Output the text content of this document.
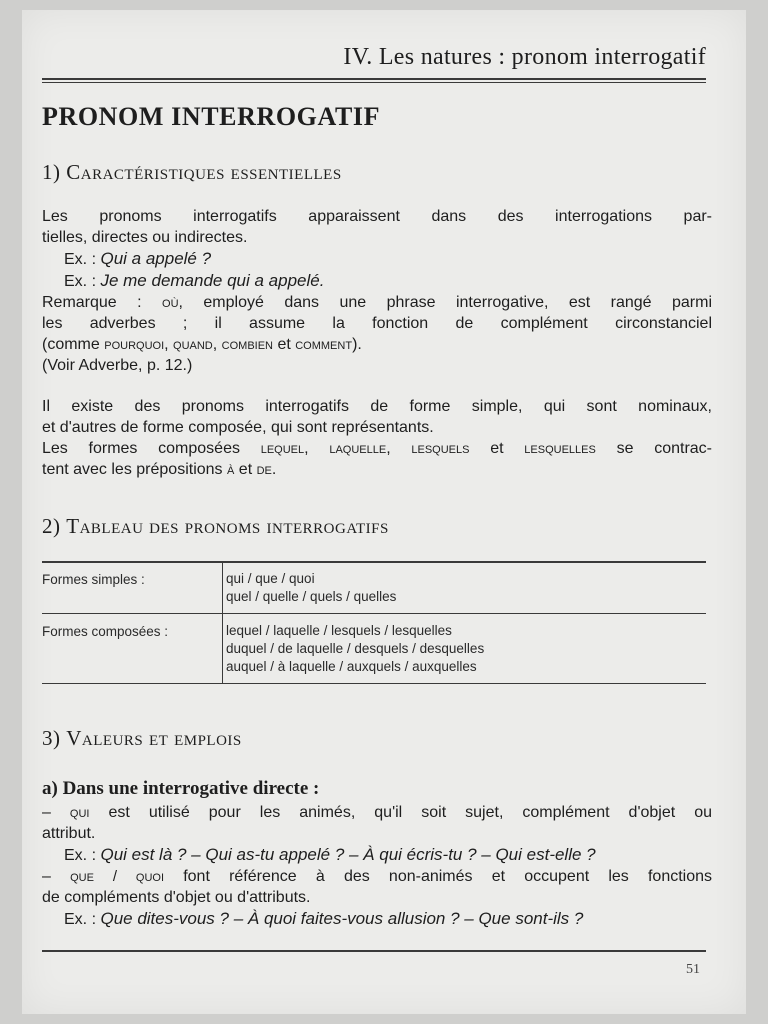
IV. Les natures : pronom interrogatif
PRONOM INTERROGATIF
1) Caractéristiques essentielles

Les pronoms interrogatifs apparaissent dans des interrogations par-

tielles, directes ou indirectes.

Ex. : Qui a appelé ?

Ex. : Je me demande qui a appelé.

Remarque : où, employé dans une phrase interrogative, est rangé parmi

les adverbes ; il assume la fonction de complément circonstanciel

(comme pourquoi, quand, combien et comment).

(Voir Adverbe, p. 12.)

Il existe des pronoms interrogatifs de forme simple, qui sont nominaux,

et d'autres de forme composée, qui sont représentants.

Les formes composées lequel, laquelle, lesquels et lesquelles se contrac-

tent avec les prépositions à et de.

2) Tableau des pronoms interrogatifs
Formes simples :	qui / que / quoi
quel / quelle / quels / quelles
Formes composées :	lequel / laquelle / lesquels / lesquelles
duquel / de laquelle / desquels / desquelles
auquel / à laquelle / auxquels / auxquelles
3) Valeurs et emplois
a) Dans une interrogative directe :

– qui est utilisé pour les animés, qu'il soit sujet, complément d'objet ou

attribut.

Ex. : Qui est là ? – Qui as-tu appelé ? – À qui écris-tu ? – Qui est-elle ?

– que / quoi font référence à des non-animés et occupent les fonctions

de compléments d'objet ou d'attributs.

Ex. : Que dites-vous ? – À quoi faites-vous allusion ? – Que sont-ils ?

51
